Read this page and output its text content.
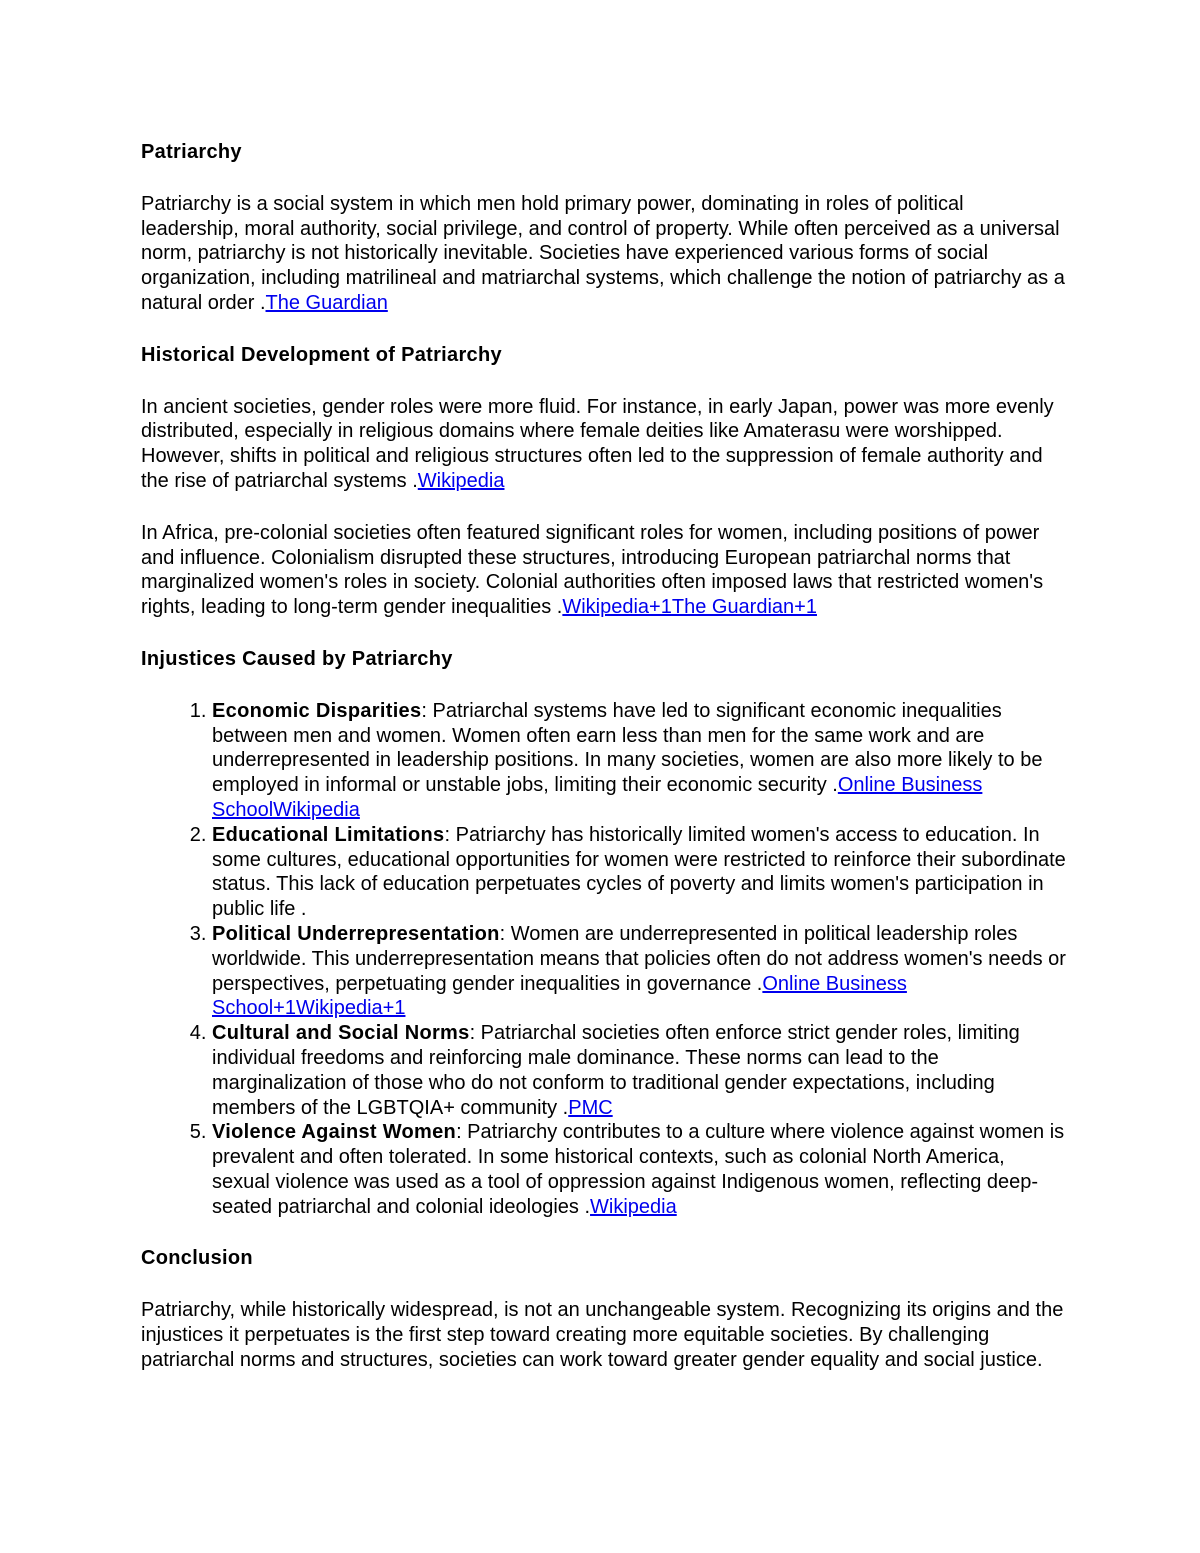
Patriarchy

Patriarchy is a social system in which men hold primary power, dominating in roles of political leadership, moral authority, social privilege, and control of property. While often perceived as a universal norm, patriarchy is not historically inevitable. Societies have experienced various forms of social organization, including matrilineal and matriarchal systems, which challenge the notion of patriarchy as a natural order .The Guardian

Historical Development of Patriarchy

In ancient societies, gender roles were more fluid. For instance, in early Japan, power was more evenly distributed, especially in religious domains where female deities like Amaterasu were worshipped. However, shifts in political and religious structures often led to the suppression of female authority and the rise of patriarchal systems .Wikipedia

In Africa, pre-colonial societies often featured significant roles for women, including positions of power and influence. Colonialism disrupted these structures, introducing European patriarchal norms that marginalized women's roles in society. Colonial authorities often imposed laws that restricted women's rights, leading to long-term gender inequalities .Wikipedia+1The Guardian+1

Injustices Caused by Patriarchy
1. Economic Disparities: Patriarchal systems have led to significant economic inequalities between men and women. Women often earn less than men for the same work and are underrepresented in leadership positions. In many societies, women are also more likely to be employed in informal or unstable jobs, limiting their economic security .Online Business SchoolWikipedia
2. Educational Limitations: Patriarchy has historically limited women's access to education. In some cultures, educational opportunities for women were restricted to reinforce their subordinate status. This lack of education perpetuates cycles of poverty and limits women's participation in public life .
3. Political Underrepresentation: Women are underrepresented in political leadership roles worldwide. This underrepresentation means that policies often do not address women's needs or perspectives, perpetuating gender inequalities in governance .Online Business School+1Wikipedia+1
4. Cultural and Social Norms: Patriarchal societies often enforce strict gender roles, limiting individual freedoms and reinforcing male dominance. These norms can lead to the marginalization of those who do not conform to traditional gender expectations, including members of the LGBTQIA+ community .PMC
5. Violence Against Women: Patriarchy contributes to a culture where violence against women is prevalent and often tolerated. In some historical contexts, such as colonial North America, sexual violence was used as a tool of oppression against Indigenous women, reflecting deep-seated patriarchal and colonial ideologies .Wikipedia
Conclusion

Patriarchy, while historically widespread, is not an unchangeable system. Recognizing its origins and the injustices it perpetuates is the first step toward creating more equitable societies. By challenging patriarchal norms and structures, societies can work toward greater gender equality and social justice.
